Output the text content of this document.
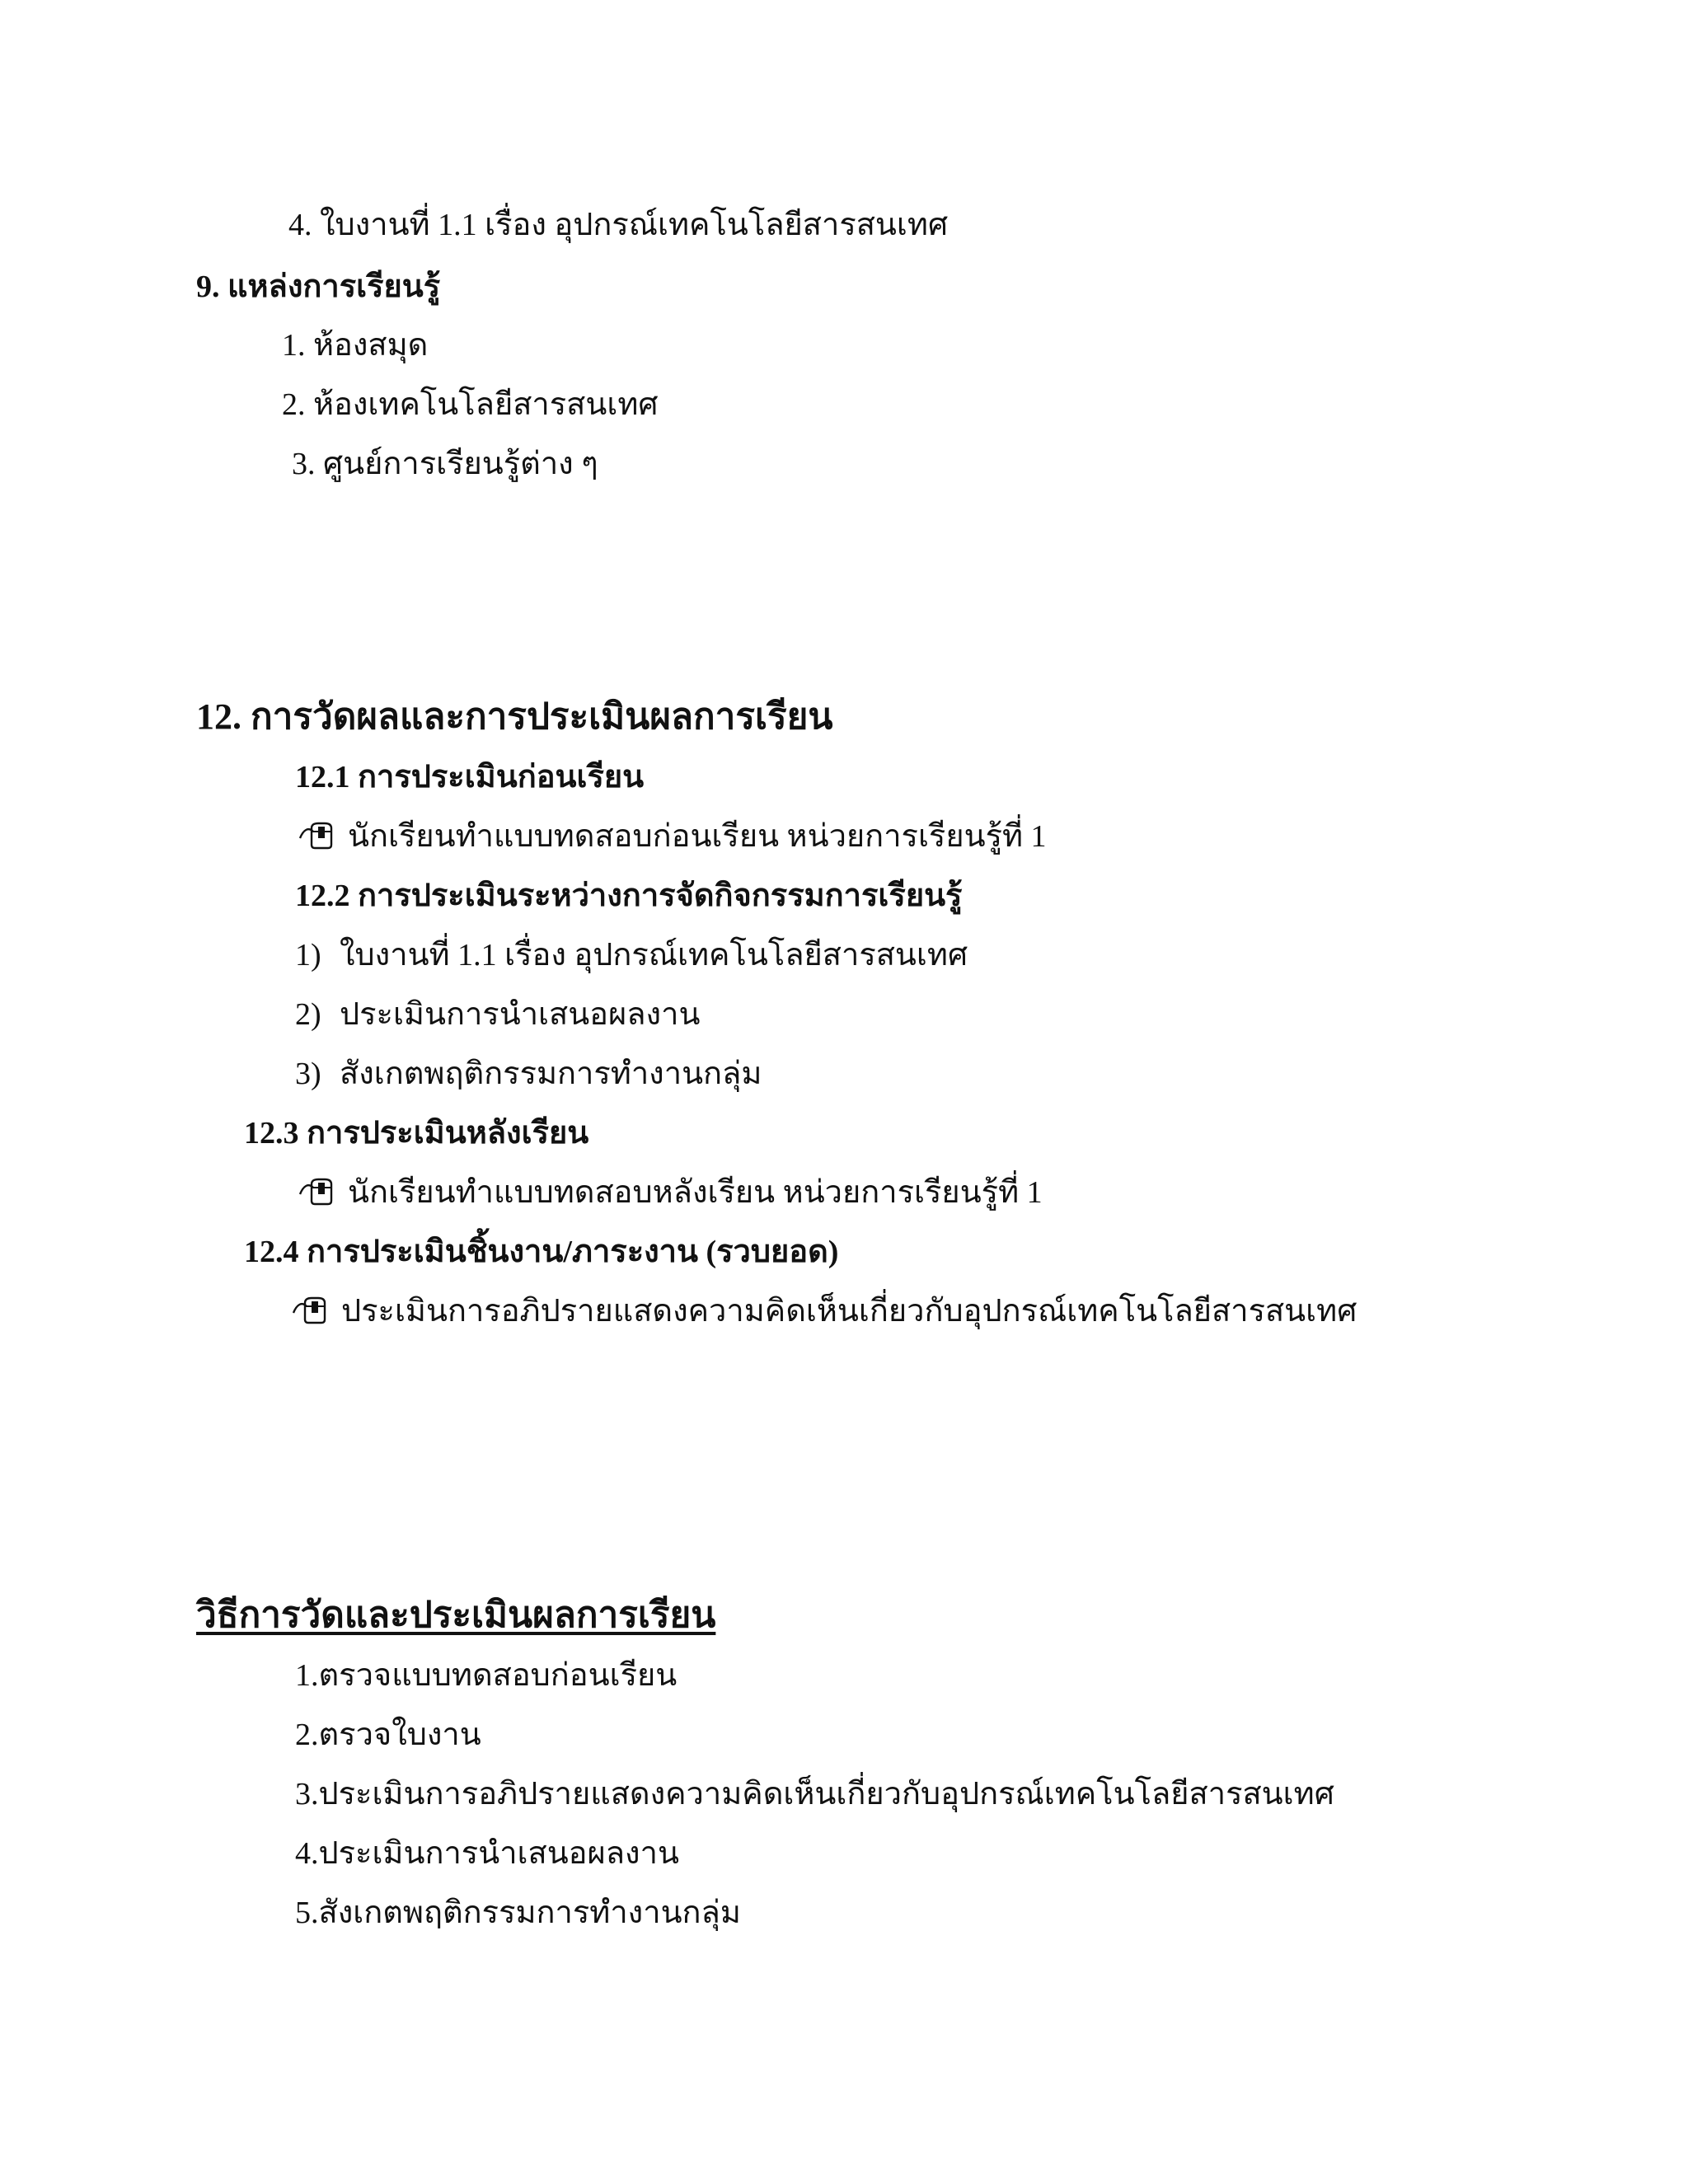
4. ใบงานที่ 1.1 เรื่อง อุปกรณ์เทคโนโลยีสารสนเทศ
9. แหล่งการเรียนรู้
1. ห้องสมุด
2. ห้องเทคโนโลยีสารสนเทศ
3. ศูนย์การเรียนรู้ต่าง ๆ
12. การวัดผลและการประเมินผลการเรียน
12.1 การประเมินก่อนเรียน
นักเรียนทำแบบทดสอบก่อนเรียน หน่วยการเรียนรู้ที่ 1
12.2 การประเมินระหว่างการจัดกิจกรรมการเรียนรู้
1) ใบงานที่ 1.1 เรื่อง อุปกรณ์เทคโนโลยีสารสนเทศ
2) ประเมินการนำเสนอผลงาน
3) สังเกตพฤติกรรมการทำงานกลุ่ม
12.3 การประเมินหลังเรียน
นักเรียนทำแบบทดสอบหลังเรียน หน่วยการเรียนรู้ที่ 1
12.4 การประเมินชิ้นงาน/ภาระงาน (รวบยอด)
ประเมินการอภิปรายแสดงความคิดเห็นเกี่ยวกับอุปกรณ์เทคโนโลยีสารสนเทศ
วิธีการวัดและประเมินผลการเรียน
1.ตรวจแบบทดสอบก่อนเรียน
2.ตรวจใบงาน
3.ประเมินการอภิปรายแสดงความคิดเห็นเกี่ยวกับอุปกรณ์เทคโนโลยีสารสนเทศ
4.ประเมินการนำเสนอผลงาน
5.สังเกตพฤติกรรมการทำงานกลุ่ม
